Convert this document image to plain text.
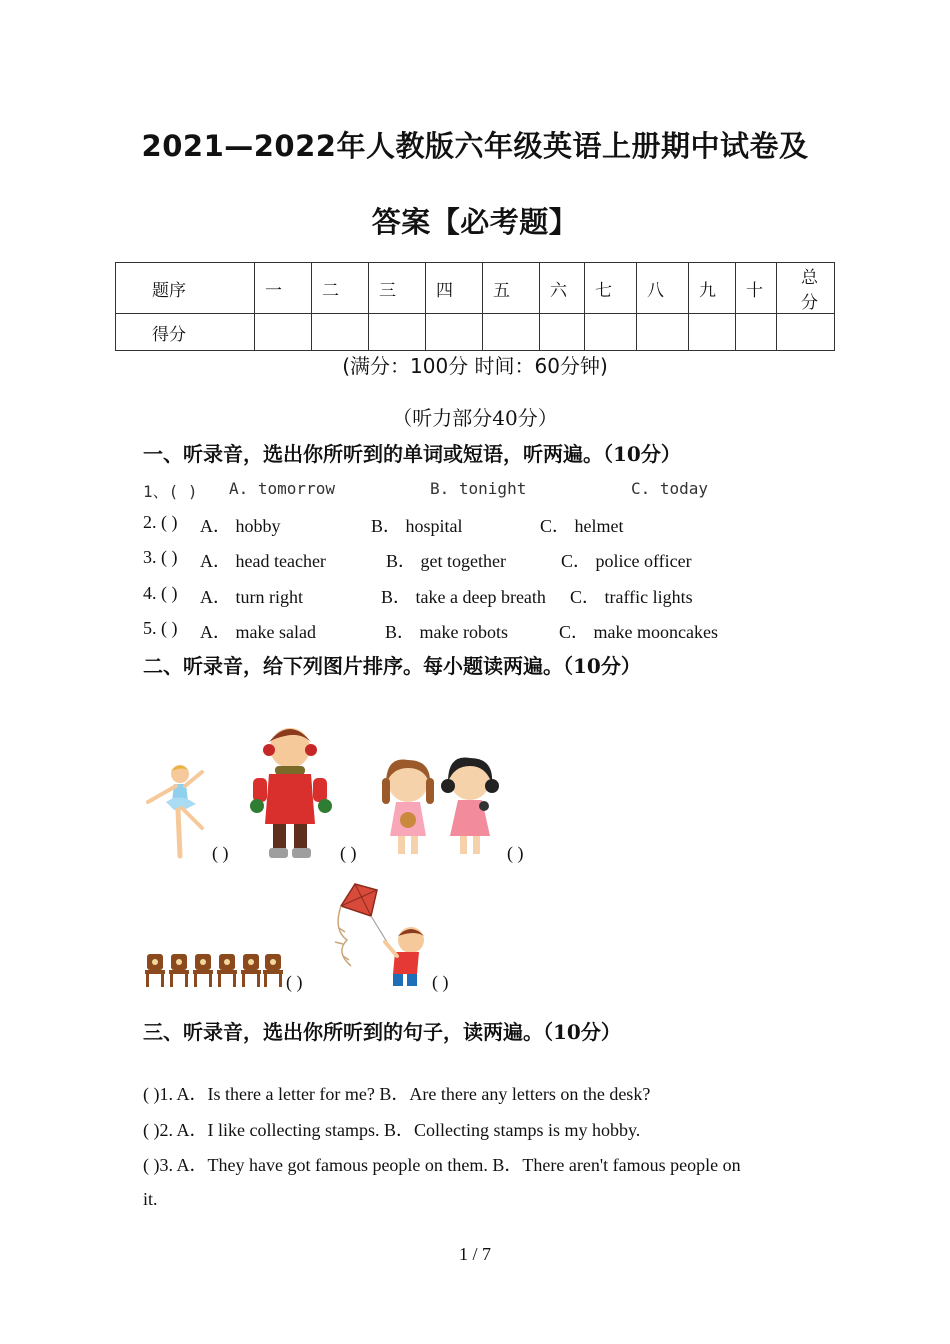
2021—2022年人教版六年级英语上册期中试卷及
答案【必考题】
题序	一	二	三	四	五	六	七	八	九	十	总分
得分											
(满分：100分 时间：60分钟)
（听力部分40分）
一、听录音，选出你所听到的单词或短语，听两遍。（10分）
1、( ) A. tomorrow	B. tonight	C. today
2. ( ) A． hobby	B． hospital	C． helmet
3. ( ) A． head teacher	B． get together	C． police officer
4. ( ) A． turn right	B． take a deep breath C． traffic lights
5. ( ) A． make salad	B． make robots	C． make mooncakes
二、听录音，给下列图片排序。每小题读两遍。（10分）
( )	( )	( )
( )	( )
三、听录音，选出你所听到的句子，读两遍。（10分）
( )1. A．Is there a letter for me? B．Are there any letters on the desk?
( )2. A．I like collecting stamps. B．Collecting stamps is my hobby.
( )3. A．They have got famous people on them. B．There aren't famous people on
it.
1 / 7
